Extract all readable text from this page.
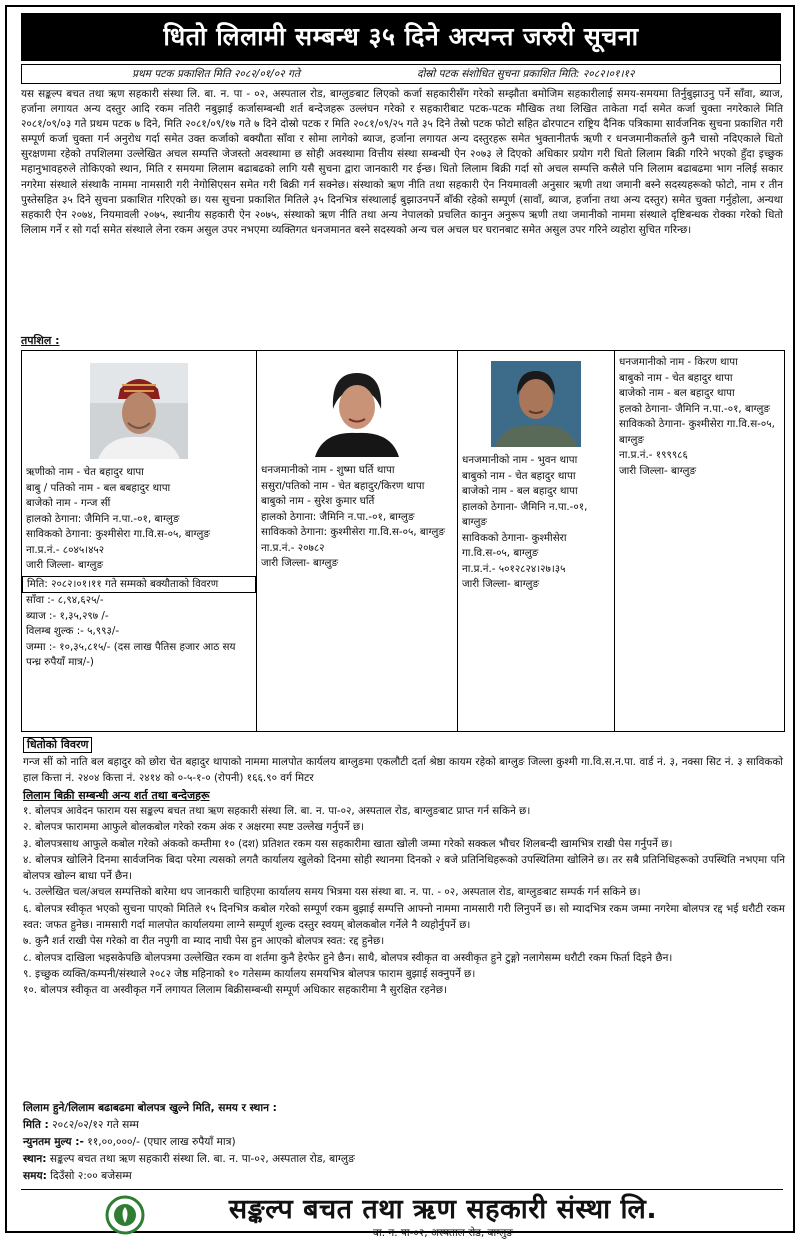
धितो लिलामी सम्बन्ध ३५ दिने अत्यन्त जरुरी सूचना
प्रथम पटक प्रकाशित मिति २०८२/०१/०२ गते	दोस्रो पटक संशोधित सुचना प्रकाशित मिति: २०८२।०१।१२
यस सङ्कल्प बचत तथा ऋण सहकारी संस्था लि. बा. न. पा - ०२, अस्पताल रोड, बाग्लुङबाट लिएको कर्जा सहकारीसँग गरेको सम्झौता बमोजिम सहकारीलाई समय-समयमा तिर्नुबुझाउनु पर्ने साँवा, ब्याज, हर्जाना लगायत अन्य दस्तुर आदि रकम नतिरी नबुझाई कर्जासम्बन्धी शर्त बन्देजहरू उल्लंघन गरेको र सहकारीबाट पटक-पटक मौखिक तथा लिखित ताकेता गर्दा समेत कर्जा चुक्ता नगरेकाले मिति २०८१/०९/०३ गते प्रथम पटक ७ दिने, मिति २०८१/०९/१७ गते ७ दिने दोस्रो पटक र मिति २०८१/०९/२५ गते ३५ दिने तेस्रो पटक फोटो सहित ढोरपाटन राष्ट्रिय दैनिक पत्रिकामा सार्वजनिक सुचना प्रकाशित गरी सम्पूर्ण कर्जा चुक्ता गर्न अनुरोध गर्दा समेत उक्त कर्जाको बक्यौता साँवा र सोमा लागेको ब्याज, हर्जाना लगायत अन्य दस्तुरहरू समेत भुक्तानीतर्फ ऋणी र धनजमानीकर्ताले कुनै चासो नदिएकाले धितो सुरक्षणमा रहेको तपशिलमा उल्लेखित अचल सम्पत्ति जेजस्तो अवस्थामा छ सोही अवस्थामा वित्तीय संस्था सम्बन्धी ऐन २०७३ ले दिएको अधिकार प्रयोग गरी धितो लिलाम बिक्री गरिने भएको हुँदा इच्छुक महानुभावहरुले तोकिएको स्थान, मिति र समयमा लिलाम बढाबढको लागि यसै सुचना द्वारा जानकारी गर ईन्छ। धितो लिलाम बिक्री गर्दा सो अचल सम्पत्ति कसैले पनि लिलाम बढाबढमा भाग नलिई सकार नगरेमा संस्थाले संस्थाकै नाममा नामसारी गरी नेगोसिएसन समेत गरी बिक्री गर्न सक्नेछ। संस्थाको ऋण नीति तथा सहकारी ऐन नियमावली अनुसार ऋणी तथा जमानी बस्ने सदस्यहरूको फोटो, नाम र तीन पुस्तेसहित ३५ दिने सुचना प्रकाशित गरिएको छ। यस सुचना प्रकाशित मितिले ३५ दिनभित्र संस्थालाई बुझाउनपर्ने बाँकी रहेको सम्पूर्ण (सावाँ, ब्याज, हर्जाना तथा अन्य दस्तुर) समेत चुक्ता गर्नुहोला, अन्यथा सहकारी ऐन २०७४, नियमावली २०७५, स्थानीय सहकारी ऐन २०७५, संस्थाको ऋण नीति तथा अन्य नेपालको प्रचलित कानुन अनुरूप ऋणी तथा जमानीको नाममा संस्थाले दृष्टिबन्धक रोक्का गरेको धितो लिलाम गर्ने र सो गर्दा समेत संस्थाले लेना रकम असुल उपर नभएमा व्यक्तिगत धनजमानत बस्ने सदस्यको अन्य चल अचल घर घरानबाट समेत असुल उपर गरिने व्यहोरा सुचित गरिन्छ।
तपशिल :
ऋणीको नाम - चेत बहादुर थापा
बाबु / पतिको नाम - बल बबहादुर थापा
बाजेको नाम - गन्ज सीं
हालको ठेगाना: जैमिनि न.पा.-०१, बाग्लुङ
साविकको ठेगाना: कुश्मीसेरा गा.वि.स-०५, बाग्लुङ
ना.प्र.नं.- ८०४५।४५२
जारी जिल्ला- बाग्लुङ
मिति: २०८२।०१।११ गते सम्मको बक्यौताको विवरण
साँवा :- ८,९४,६२५/-
ब्याज :- १,३५,२९७ /-
विलम्ब शुल्क :- ५,९९३/-
जम्मा :- १०,३५,८१५/- (दस लाख पैतिस हजार आठ सय पन्ध्र रुपैयाँ मात्र/-)

धनजमानीको नाम - शुष्मा घर्ति थापा
ससुरा/पतिको नाम - चेत बहादुर/किरण थापा
बाबुको नाम - सुरेश कुमार घर्ति
हालको ठेगाना: जैमिनि न.पा.-०१, बाग्लुङ
साविकको ठेगाना: कुश्मीसेरा गा.वि.स-०५, बाग्लुङ
ना.प्र.नं.- २०७८२
जारी जिल्ला- बाग्लुङ

धनजमानीको नाम - भुवन थापा
बाबुको नाम - चेत बहादुर थापा
बाजेको नाम - बल बहादुर थापा
हालको ठेगाना- जैमिनि न.पा.-०१, बाग्लुङ
साविकको ठेगाना- कुश्मीसेरा गा.वि.स-०५, बाग्लुङ
ना.प्र.नं.- ५०१२८२४।२७।३५
जारी जिल्ला- बाग्लुङ

धनजमानीको नाम - किरण थापा
बाबुको नाम - चेत बहादुर थापा
बाजेको नाम - बल बहादुर थापा
हलको ठेगाना- जैमिनि न.पा.-०१, बाग्लुङ
साविकको ठेगाना- कुश्मीसेरा गा.वि.स-०५, बाग्लुङ
ना.प्र.नं.- १९९९८६
जारी जिल्ला- बाग्लुङ
धितोको विवरण
गन्ज सीं को नाति बल बहादुर को छोरा चेत बहादुर थापाको नाममा मालपोत कार्यलय बाग्लुङमा एकलौटी दर्ता श्रेष्ठा कायम रहेको बाग्लुङ जिल्ला कुश्मी गा.वि.स.न.पा. वार्ड नं. ३, नक्सा सिट नं. ३ साविकको हाल कित्ता नं. २४०४ कित्ता नं. २४१४ को ०-५-१-० (रोपनी) १६६.९० वर्ग मिटर
लिलाम बिक्री सम्बन्धी अन्य शर्त तथा बन्देजहरू

१. बोलपत्र आवेदन फाराम यस सङ्कल्प बचत तथा ऋण सहकारी संस्था लि. बा. न. पा-०२, अस्पताल रोड, बाग्लुङबाट प्राप्त गर्न सकिने छ।

२. बोलपत्र फाराममा आफुले बोलकबोल गरेको रकम अंक र अक्षरमा स्पष्ट उल्लेख गर्नुपर्ने छ।

३. बोलपत्रसाथ आफुले कबोल गरेको अंकको कम्तीमा १० (दश) प्रतिशत रकम यस सहकारीमा खाता खोली जम्मा गरेको सक्कल भौचर शिलबन्दी खामभित्र राखी पेस गर्नुपर्ने छ।

४. बोलपत्र खोलिने दिनमा सार्वजनिक बिदा परेमा त्यसको लगतै कार्यालय खुलेको दिनमा सोही स्थानमा दिनको २ बजे प्रतिनिधिहरूको उपस्थितिमा खोलिने छ। तर सबै प्रतिनिधिहरूको उपस्थिति नभएमा पनि बोलपत्र खोल्न बाधा पर्ने छैन।

५. उल्लेखित चल/अचल सम्पत्तिको बारेमा थप जानकारी चाहिएमा कार्यालय समय भित्रमा यस संस्था बा. न. पा. - ०२, अस्पताल रोड, बाग्लुङबाट सम्पर्क गर्न सकिने छ।

६. बोलपत्र स्वीकृत भएको सुचना पाएको मितिले १५ दिनभित्र कबोल गरेको सम्पूर्ण रकम बुझाई सम्पत्ति आफ्नो नाममा नामसारी गरी लिनुपर्ने छ। सो म्यादभित्र रकम जम्मा नगरेमा बोलपत्र रद्द भई धरौटी रकम स्वत: जफत हुनेछ। नामसारी गर्दा मालपोत कार्यालयमा लाग्ने सम्पूर्ण शुल्क दस्तुर स्वयम् बोलकबोल गर्नेले नै व्यहोर्नुपर्ने छ।

७. कुनै शर्त राखी पेस गरेको वा रीत नपुगी वा म्याद नाघी पेस हुन आएको बोलपत्र स्वत: रद्द हुनेछ।

८. बोलपत्र दाखिला भइसकेपछि बोलपत्रमा उल्लेखित रकम वा शर्तमा कुनै हेरफेर हुने छैन। साथै, बोलपत्र स्वीकृत वा अस्वीकृत हुने टुङ्गो नलागेसम्म धरौटी रकम फिर्ता दिइने छैन।

९. इच्छुक व्यक्ति/कम्पनी/संस्थाले २०८२ जेष्ठ महिनाको १० गतेसम्म कार्यालय समयभित्र बोलपत्र फाराम बुझाई सक्नुपर्ने छ।

१०. बोलपत्र स्वीकृत वा अस्वीकृत गर्ने लगायत लिलाम बिक्रीसम्बन्धी सम्पूर्ण अधिकार सहकारीमा नै सुरक्षित रहनेछ।

लिलाम हुने/लिलाम बढाबढमा बोलपत्र खुल्ने मिति, समय र स्थान :
मिति : २०८२/०२/१२ गते सम्म
न्युनतम मुल्य :- ११,००,०००/- (एघार लाख रुपैयाँ मात्र)
स्थान: सङ्कल्प बचत तथा ऋण सहकारी संस्था लि. बा. न. पा-०२, अस्पताल रोड, बाग्लुङ
समय: दिउँसो २:०० बजेसम्म
सङ्कल्प बचत तथा ऋण सहकारी संस्था लि.
बा. न. पा-०२, अस्पताल रोड, बाग्लुङ
